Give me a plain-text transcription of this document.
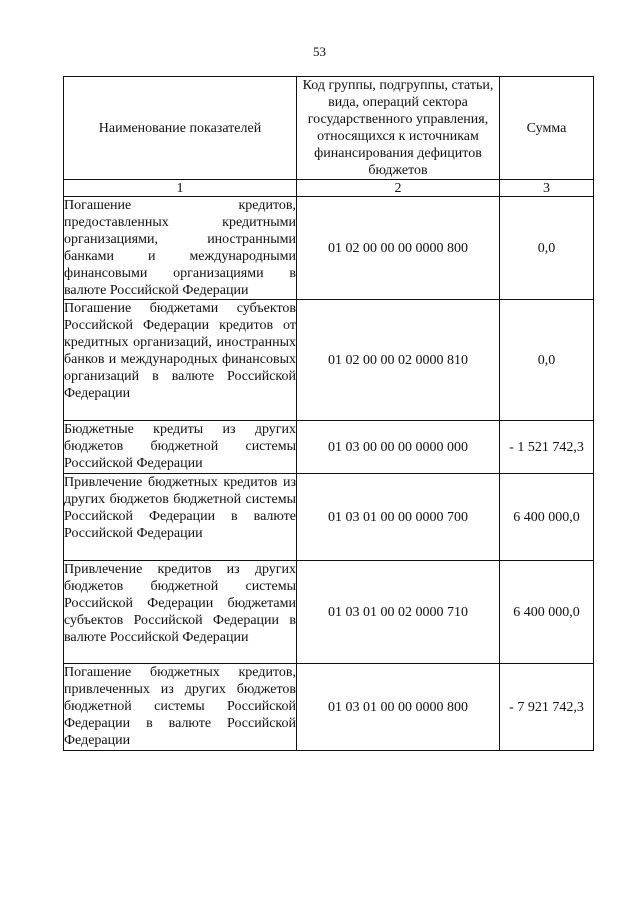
53
Наименование показателей	Код группы, подгруппы, статьи, вида, операций сектора государственного управления, относящихся к источникам финансирования дефицитов бюджетов	Сумма
1	2	3
Погашение кредитов, предоставленных кредитными организациями, иностранными банками и международными финансовыми организациями в валюте Российской Федерации	01 02 00 00 00 0000 800	0,0
Погашение бюджетами субъектов Российской Федерации кредитов от кредитных организаций, иностранных банков и международных финансовых организаций в валюте Российской Федерации	01 02 00 00 02 0000 810	0,0
Бюджетные кредиты из других бюджетов бюджетной системы Российской Федерации	01 03 00 00 00 0000 000	- 1 521 742,3
Привлечение бюджетных кредитов из других бюджетов бюджетной системы Российской Федерации в валюте Российской Федерации	01 03 01 00 00 0000 700	6 400 000,0
Привлечение кредитов из других бюджетов бюджетной системы Российской Федерации бюджетами субъектов Российской Федерации в валюте Российской Федерации	01 03 01 00 02 0000 710	6 400 000,0
Погашение бюджетных кредитов, привлеченных из других бюджетов бюджетной системы Российской Федерации в валюте Российской Федерации	01 03 01 00 00 0000 800	- 7 921 742,3
